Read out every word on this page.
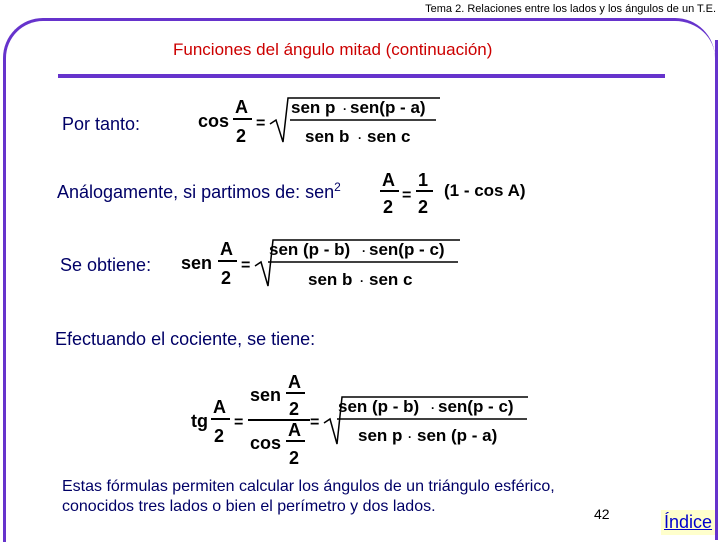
Tema 2. Relaciones entre los lados y los ángulos de un T.E.
Funciones del ángulo mitad (continuación)
Por tanto:	cos
A
2
=
sen p · sen(p - a)
sen b · sen c
Análogamente, si partimos de: sen$^2$ A
2
=
1
2
(1 - cos A)
Se obtiene: sen
A
2
=
sen (p - b) · sen(p - c)
sen b · sen c
Efectuando el cociente, se tiene:
tg
A
2
=
sen
A
2
cos
A
2
=
sen (p - b) · sen(p - c)
sen p · sen (p - a)
Estas fórmulas permiten calcular los ángulos de un triángulo esférico,
conocidos tres lados o bien el perímetro y dos lados.	42	Índice
